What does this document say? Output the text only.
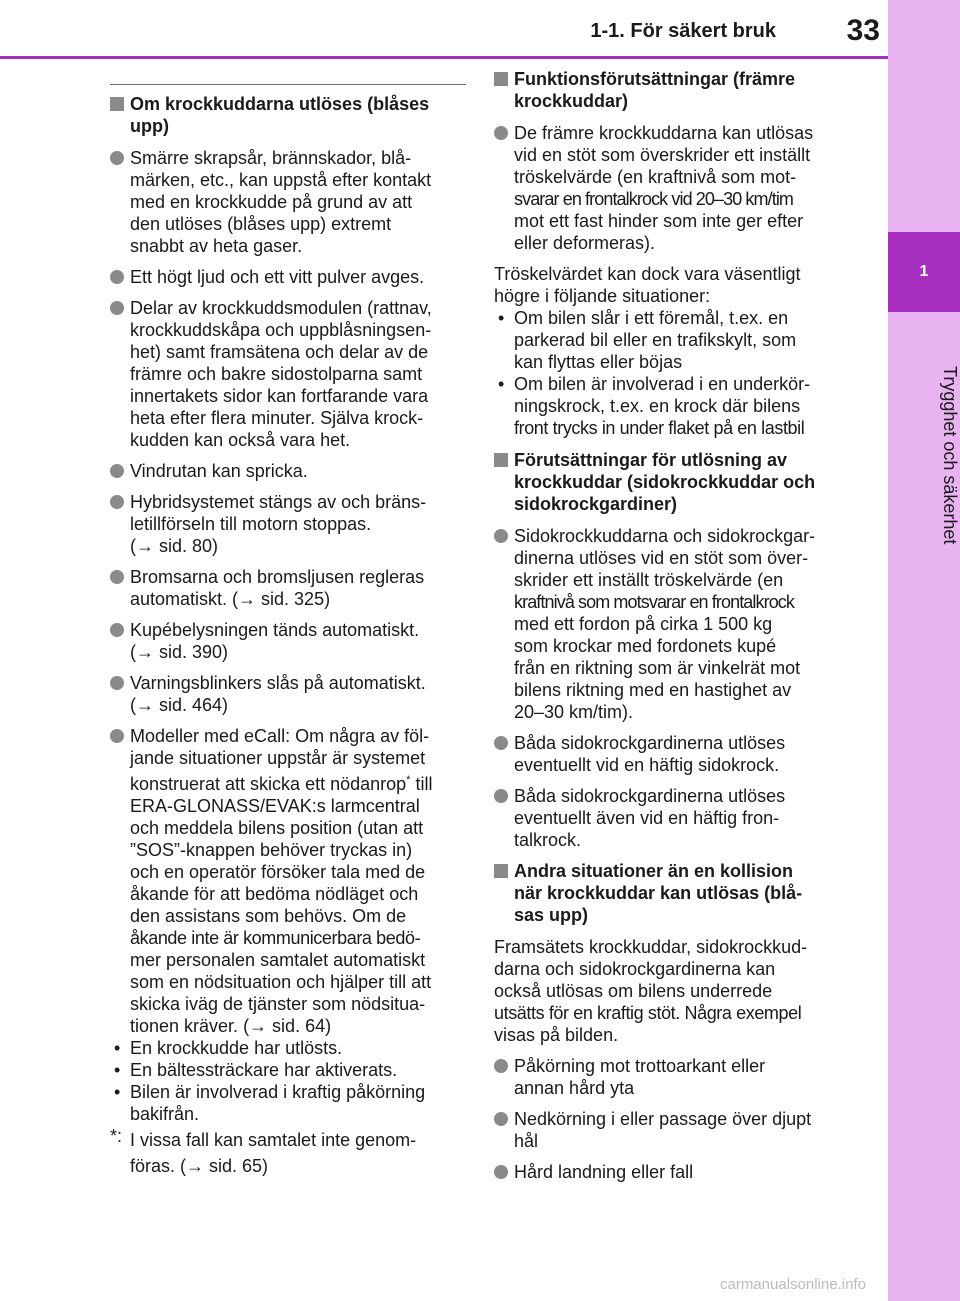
1-1. För säkert bruk	33
1
Trygghet och säkerhet
Om krockkuddarna utlöses (blåses
upp)
Smärre skrapsår, brännskador, blå-
märken, etc., kan uppstå efter kontakt
med en krockkudde på grund av att
den utlöses (blåses upp) extremt
snabbt av heta gaser.
Ett högt ljud och ett vitt pulver avges.
Delar av krockkuddsmodulen (rattnav,
krockkuddskåpa och uppblåsningsen-
het) samt framsätena och delar av de
främre och bakre sidostolparna samt
innertakets sidor kan fortfarande vara
heta efter flera minuter. Själva krock-
kudden kan också vara het.
Vindrutan kan spricka.
Hybridsystemet stängs av och bräns-
letillförseln till motorn stoppas.
(→ sid. 80)
Bromsarna och bromsljusen regleras
automatiskt. (→ sid. 325)
Kupébelysningen tänds automatiskt.
(→ sid. 390)
Varningsblinkers slås på automatiskt.
(→ sid. 464)
Modeller med eCall: Om några av föl-
jande situationer uppstår är systemet
konstruerat att skicka ett nödanrop* till
ERA-GLONASS/EVAK:s larmcentral
och meddela bilens position (utan att
”SOS”-knappen behöver tryckas in)
och en operatör försöker tala med de
åkande för att bedöma nödläget och
den assistans som behövs. Om de
åkande inte är kommunicerbara bedö-
mer personalen samtalet automatiskt
som en nödsituation och hjälper till att
skicka iväg de tjänster som nödsitua-
tionen kräver. (→ sid. 64)
• En krockkudde har utlösts.
• En bältessträckare har aktiverats.
• Bilen är involverad i kraftig påkörning
bakifrån.
*: I vissa fall kan samtalet inte genom-
föras. (→ sid. 65)
Funktionsförutsättningar (främre
krockkuddar)
De främre krockkuddarna kan utlösas
vid en stöt som överskrider ett inställt
tröskelvärde (en kraftnivå som mot-
svarar en frontalkrock vid 20–30 km/tim
mot ett fast hinder som inte ger efter
eller deformeras).
Tröskelvärdet kan dock vara väsentligt
högre i följande situationer:
• Om bilen slår i ett föremål, t.ex. en
parkerad bil eller en trafikskylt, som
kan flyttas eller böjas
• Om bilen är involverad i en underkör-
ningskrock, t.ex. en krock där bilens
front trycks in under flaket på en lastbil
Förutsättningar för utlösning av
krockkuddar (sidokrockkuddar och
sidokrockgardiner)
Sidokrockkuddarna och sidokrockgar-
dinerna utlöses vid en stöt som över-
skrider ett inställt tröskelvärde (en
kraftnivå som motsvarar en frontalkrock
med ett fordon på cirka 1 500 kg
som krockar med fordonets kupé
från en riktning som är vinkelrät mot
bilens riktning med en hastighet av
20–30 km/tim).
Båda sidokrockgardinerna utlöses
eventuellt vid en häftig sidokrock.
Båda sidokrockgardinerna utlöses
eventuellt även vid en häftig fron-
talkrock.
Andra situationer än en kollision
när krockkuddar kan utlösas (blå-
sas upp)
Framsätets krockkuddar, sidokrockkud-
darna och sidokrockgardinerna kan
också utlösas om bilens underrede
utsätts för en kraftig stöt. Några exempel
visas på bilden.
Påkörning mot trottoarkant eller
annan hård yta
Nedkörning i eller passage över djupt
hål
Hård landning eller fall
carmanualsonline.info
